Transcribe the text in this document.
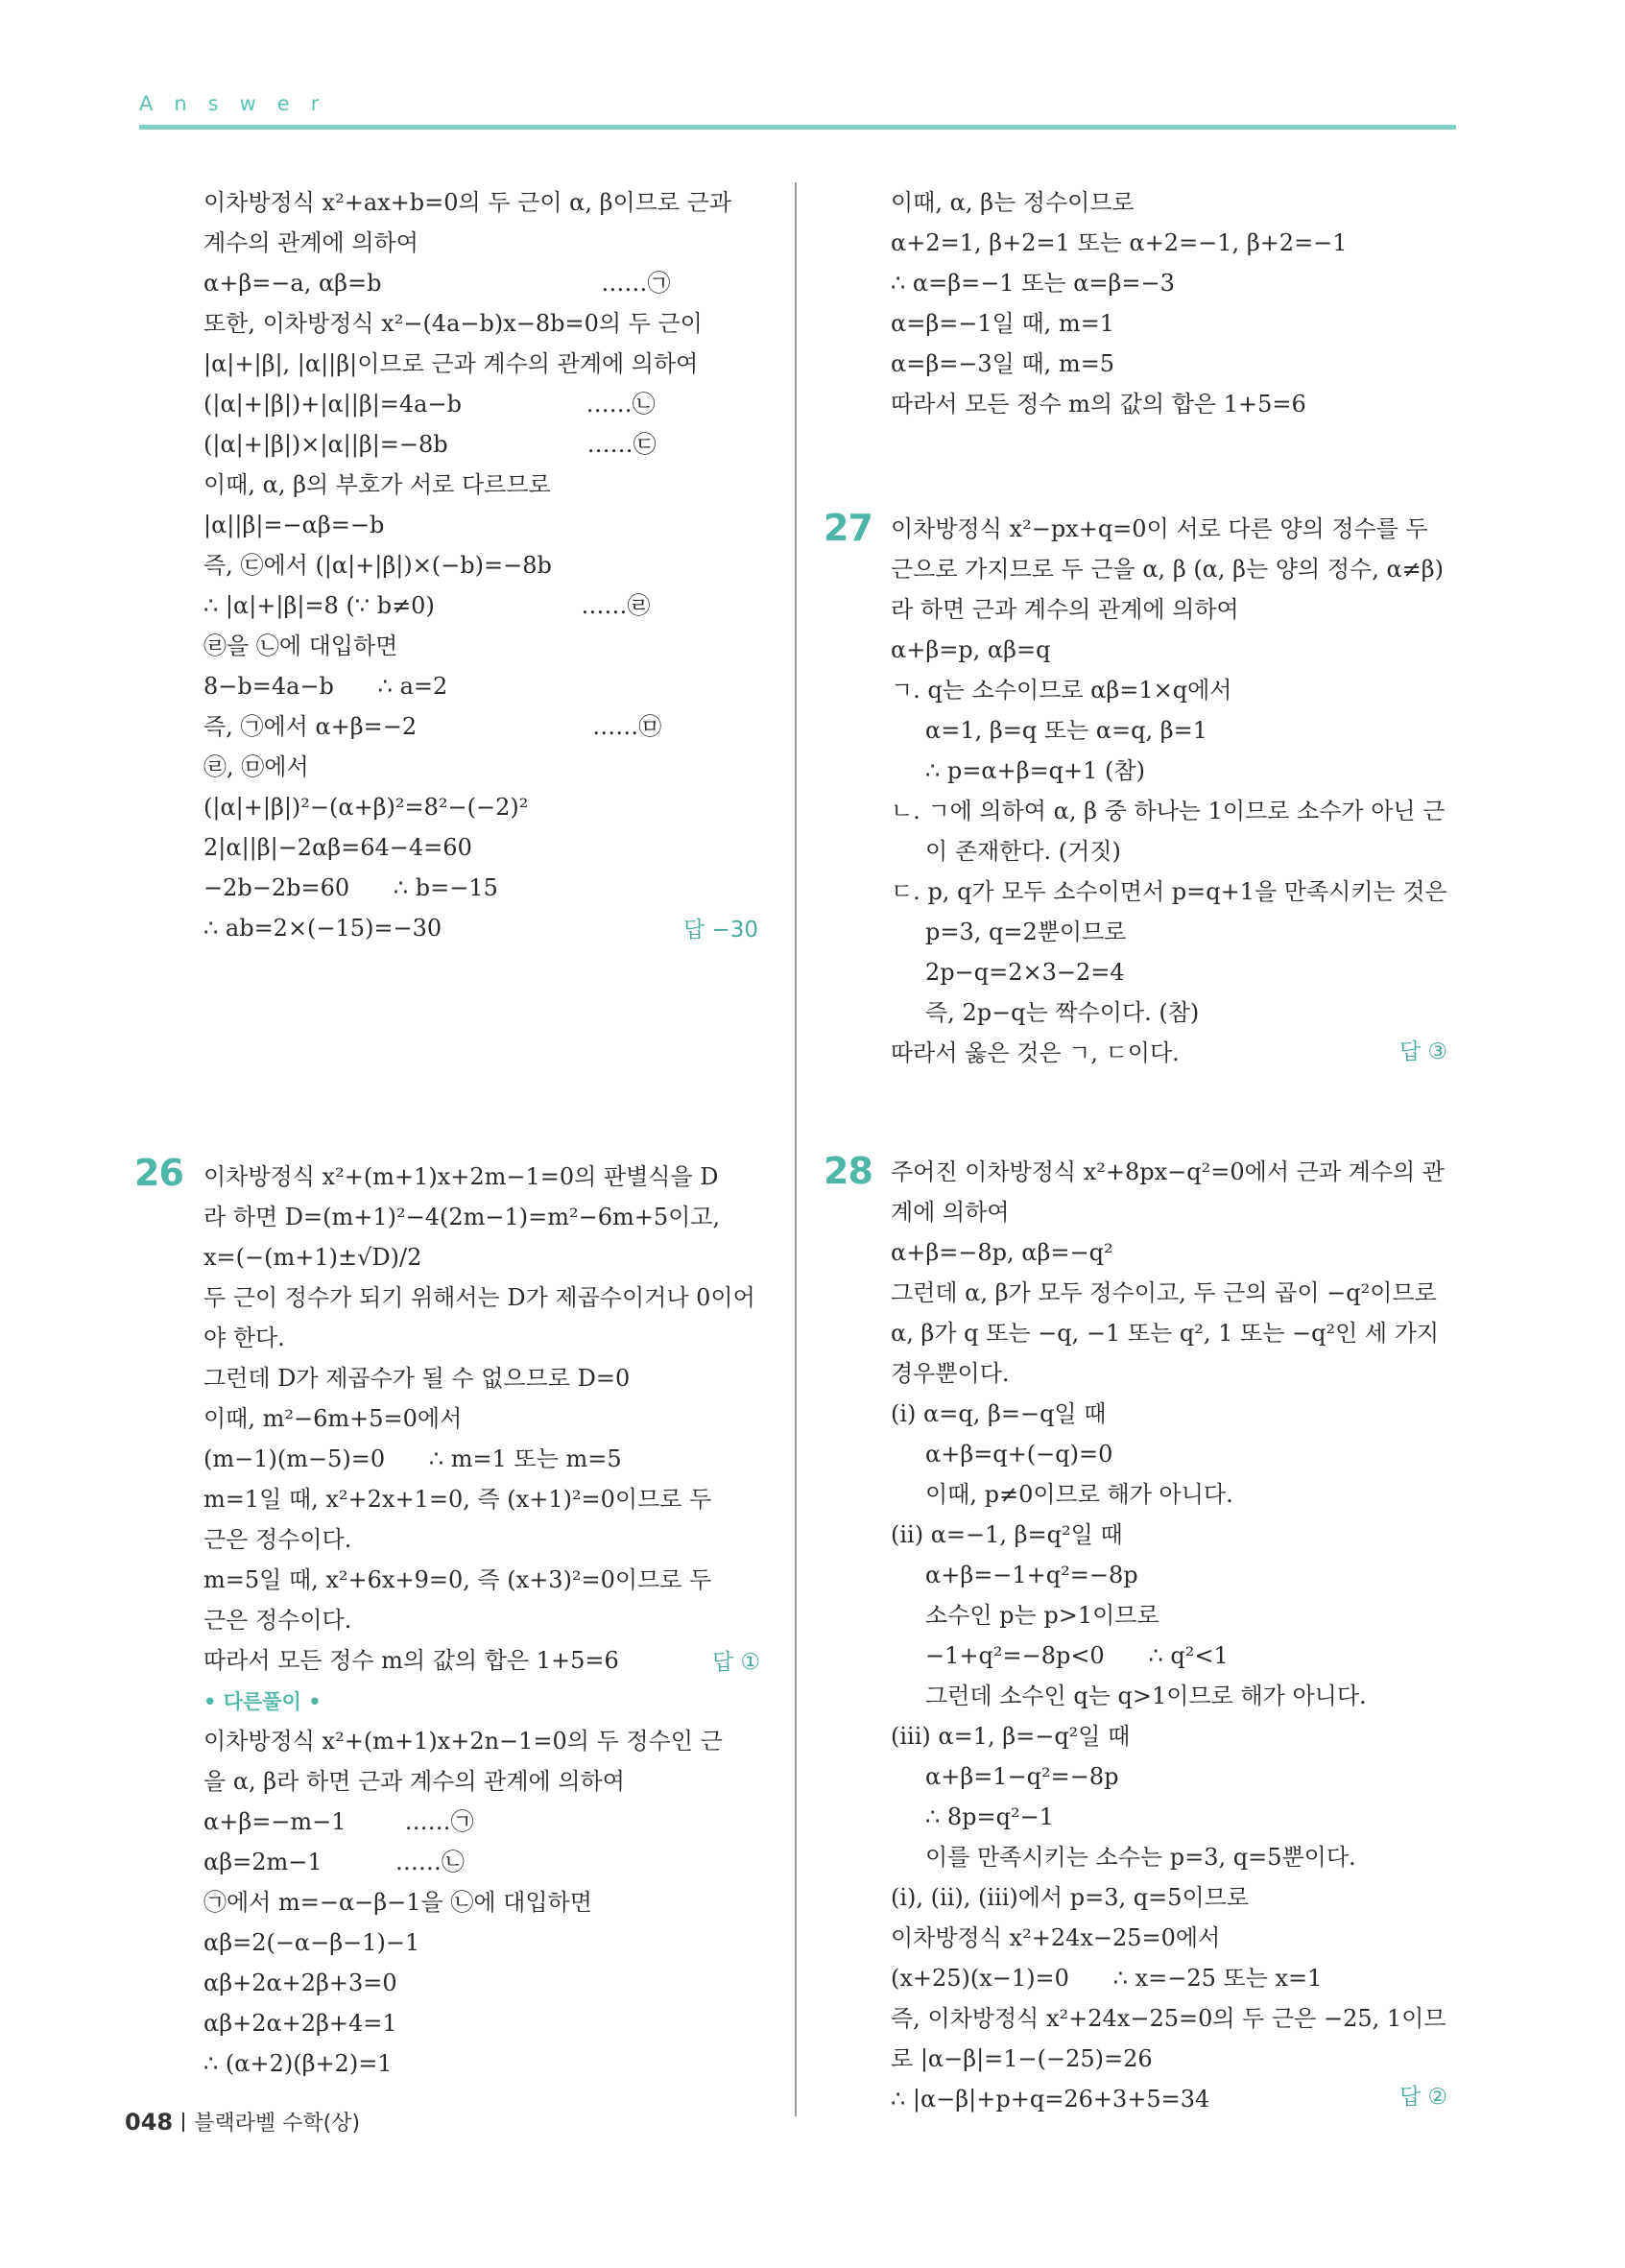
Answer
이차방정식 x²+ax+b=0의 두 근이 α, β이므로 근과
계수의 관계에 의하여
α+β=−a, αβ=b                              ……㉠
또한, 이차방정식 x²−(4a−b)x−8b=0의 두 근이
|α|+|β|, |α||β|이므로 근과 계수의 관계에 의하여
(|α|+|β|)+|α||β|=4a−b                 ……㉡
(|α|+|β|)×|α||β|=−8b                   ……㉢
이때, α, β의 부호가 서로 다르므로
|α||β|=−αβ=−b
즉, ㉢에서 (|α|+|β|)×(−b)=−8b
∴ |α|+|β|=8 (∵ b≠0)                    ……㉣
㉣을 ㉡에 대입하면
8−b=4a−b      ∴ a=2
즉, ㉠에서 α+β=−2                        ……㉤
㉣, ㉤에서
(|α|+|β|)²−(α+β)²=8²−(−2)²
2|α||β|−2αβ=64−4=60
−2b−2b=60      ∴ b=−15
∴ ab=2×(−15)=−30	답 −30
26 이차방정식 x²+(m+1)x+2m−1=0의 판별식을 D
라 하면 D=(m+1)²−4(2m−1)=m²−6m+5이고,
x=(−(m+1)±√D)/2
두 근이 정수가 되기 위해서는 D가 제곱수이거나 0이어
야 한다.
그런데 D가 제곱수가 될 수 없으므로 D=0
이때, m²−6m+5=0에서
(m−1)(m−5)=0      ∴ m=1 또는 m=5
m=1일 때, x²+2x+1=0, 즉 (x+1)²=0이므로 두
근은 정수이다.
m=5일 때, x²+6x+9=0, 즉 (x+3)²=0이므로 두
근은 정수이다.
따라서 모든 정수 m의 값의 합은 1+5=6
• 다른풀이 •
이차방정식 x²+(m+1)x+2n−1=0의 두 정수인 근
을 α, β라 하면 근과 계수의 관계에 의하여
α+β=−m−1        ……㉠
αβ=2m−1          ……㉡
㉠에서 m=−α−β−1을 ㉡에 대입하면
αβ=2(−α−β−1)−1
αβ+2α+2β+3=0
αβ+2α+2β+4=1
∴ (α+2)(β+2)=1
답 ①
이때, α, β는 정수이므로
α+2=1, β+2=1 또는 α+2=−1, β+2=−1
∴ α=β=−1 또는 α=β=−3
α=β=−1일 때, m=1
α=β=−3일 때, m=5
따라서 모든 정수 m의 값의 합은 1+5=6
27 이차방정식 x²−px+q=0이 서로 다른 양의 정수를 두
근으로 가지므로 두 근을 α, β (α, β는 양의 정수, α≠β)
라 하면 근과 계수의 관계에 의하여
α+β=p, αβ=q
ㄱ. q는 소수이므로 αβ=1×q에서
α=1, β=q 또는 α=q, β=1
∴ p=α+β=q+1 (참)
ㄴ. ㄱ에 의하여 α, β 중 하나는 1이므로 소수가 아닌 근
이 존재한다. (거짓)
ㄷ. p, q가 모두 소수이면서 p=q+1을 만족시키는 것은
p=3, q=2뿐이므로
2p−q=2×3−2=4
즉, 2p−q는 짝수이다. (참)
따라서 옳은 것은 ㄱ, ㄷ이다.	답 ③
28 주어진 이차방정식 x²+8px−q²=0에서 근과 계수의 관
계에 의하여
α+β=−8p, αβ=−q²
그런데 α, β가 모두 정수이고, 두 근의 곱이 −q²이므로
α, β가 q 또는 −q, −1 또는 q², 1 또는 −q²인 세 가지
경우뿐이다.
(i) α=q, β=−q일 때
α+β=q+(−q)=0
이때, p≠0이므로 해가 아니다.
(ii) α=−1, β=q²일 때
α+β=−1+q²=−8p
소수인 p는 p>1이므로
−1+q²=−8p<0      ∴ q²<1
그런데 소수인 q는 q>1이므로 해가 아니다.
(iii) α=1, β=−q²일 때
α+β=1−q²=−8p
∴ 8p=q²−1
이를 만족시키는 소수는 p=3, q=5뿐이다.
(i), (ii), (iii)에서 p=3, q=5이므로
이차방정식 x²+24x−25=0에서
(x+25)(x−1)=0      ∴ x=−25 또는 x=1
즉, 이차방정식 x²+24x−25=0의 두 근은 −25, 1이므
로 |α−β|=1−(−25)=26
∴ |α−β|+p+q=26+3+5=34	답 ②
048 블랙라벨 수학(상)
